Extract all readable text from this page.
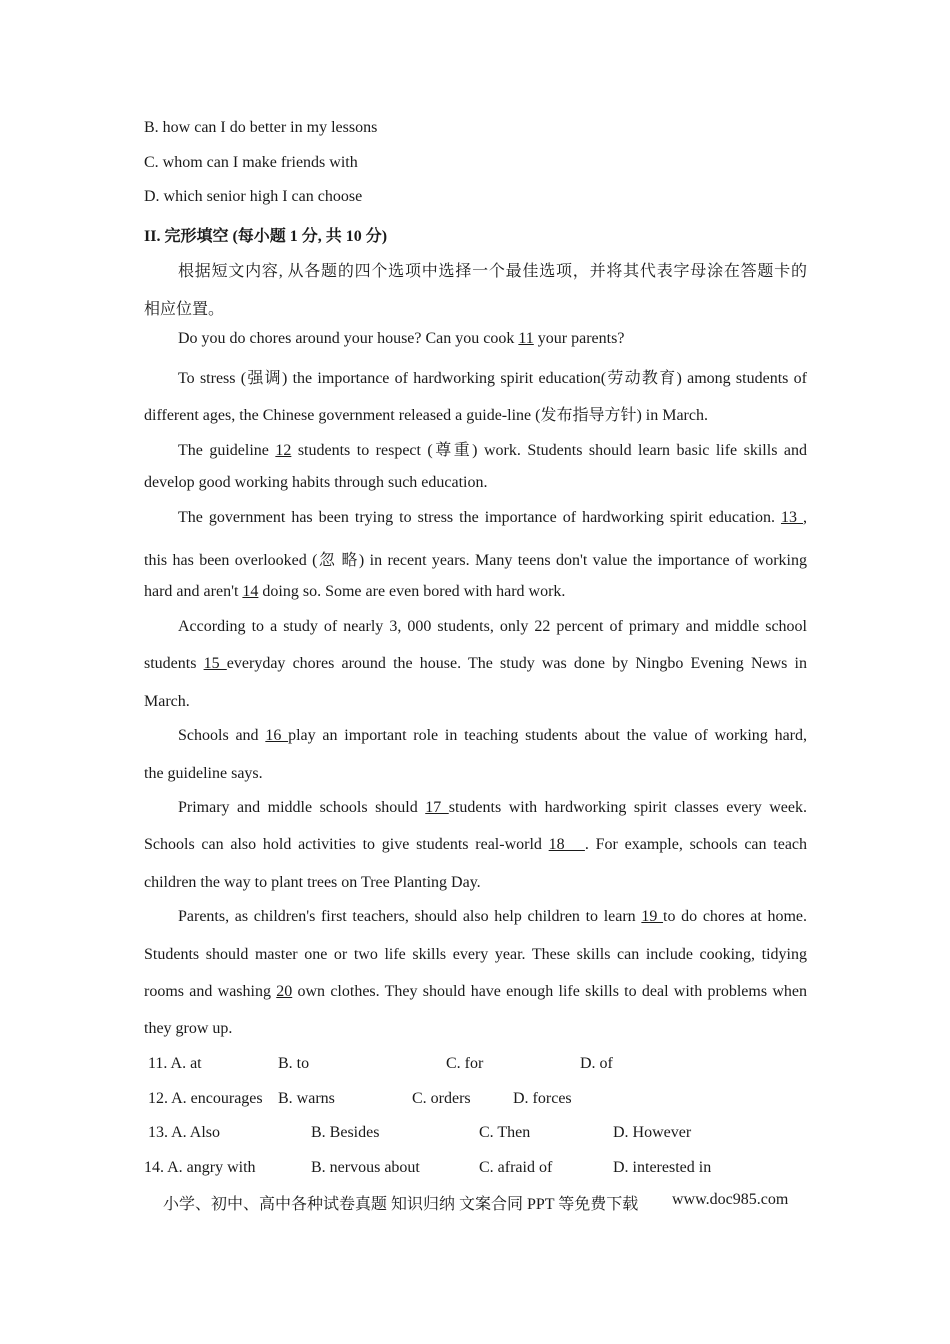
B. how can I do better in my lessons
C. whom can I make friends with
D. which senior high I can choose
II. 完形填空 (每小题 1 分, 共 10 分)
根据短文内容, 从各题的四个选项中选择一个最佳选项，并将其代表字母涂在答题卡的
相应位置。
Do you do chores around your house? Can you cook 11 your parents?
To stress (强调) the importance of hardworking spirit education(劳动教育) among students of
different ages, the Chinese government released a guide-line (发布指导方针) in March.
The guideline 12 students to respect (尊重) work. Students should learn basic life skills and
develop good working habits through such education.
The government has been trying to stress the importance of hardworking spirit education. 13 ,
this has been overlooked (忽 略) in recent years. Many teens don't value the importance of working
hard and aren't 14 doing so. Some are even bored with hard work.
According to a study of nearly 3, 000 students, only 22 percent of primary and middle school
students 15 everyday chores around the house. The study was done by Ningbo Evening News in
March.
Schools and 16 play an important role in teaching students about the value of working hard,
the guideline says.
Primary and middle schools should 17 students with hardworking spirit classes every week.
Schools can also hold activities to give students real-world 18   . For example, schools can teach
children the way to plant trees on Tree Planting Day.
Parents, as children's first teachers, should also help children to learn 19 to do chores at home.
Students should master one or two life skills every year. These skills can include cooking, tidying
rooms and washing 20 own clothes. They should have enough life skills to deal with problems when
they grow up.
11. A. at	B. to	C. for	D. of
12. A. encourages B. warns	C. orders	D. forces
13. A. Also	B. Besides	C. Then	D. However
14. A. angry with	B. nervous about	C. afraid of	D. interested in
小学、初中、高中各种试卷真题 知识归纳 文案合同 PPT 等免费下载 www.doc985.com
